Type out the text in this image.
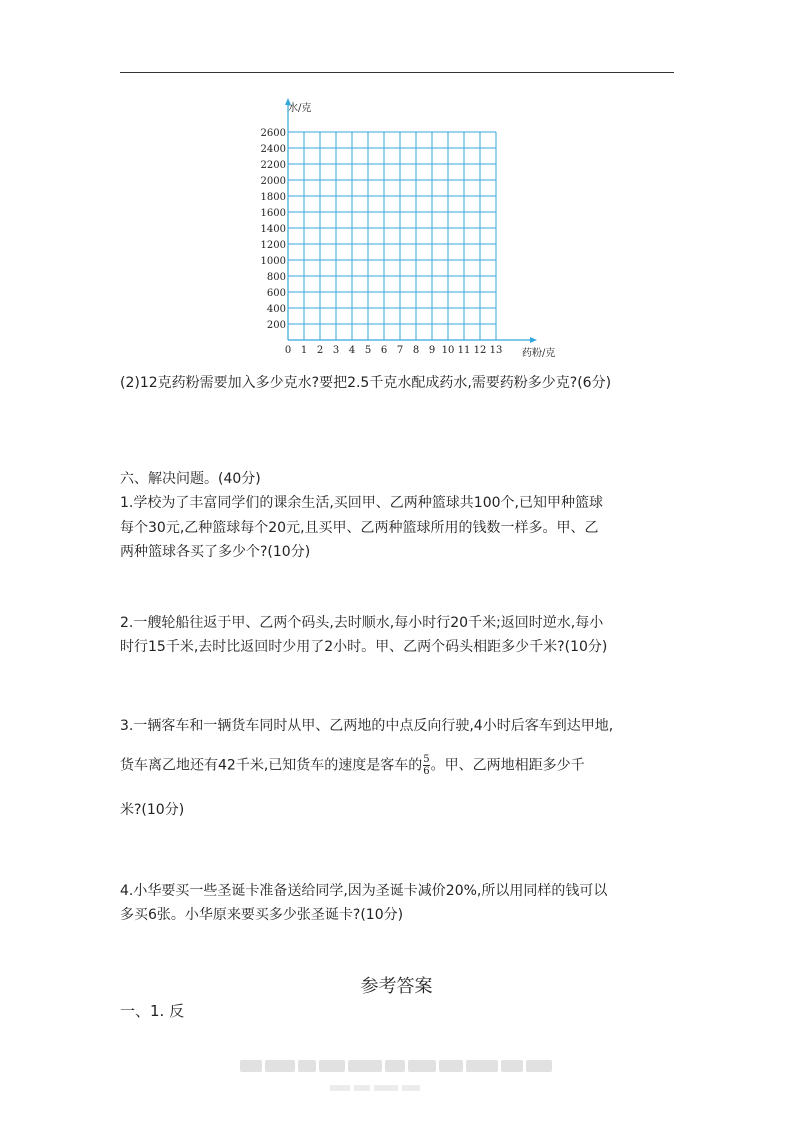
2600
2400
2200
2000
1800
1600
1400
1200
1000
800
600
400
200
0 1 2 3 4 5 6 7 8 9 10 11 12 13
水/克
药粉/克
(2)12克药粉需要加入多少克水?要把2.5千克水配成药水,需要药粉多少克?(6分)
六、解决问题。(40分)
1.学校为了丰富同学们的课余生活,买回甲、乙两种篮球共100个,已知甲种篮球
每个30元,乙种篮球每个20元,且买甲、乙两种篮球所用的钱数一样多。甲、乙
两种篮球各买了多少个?(10分)
2.一艘轮船往返于甲、乙两个码头,去时顺水,每小时行20千米;返回时逆水,每小
时行15千米,去时比返回时少用了2小时。甲、乙两个码头相距多少千米?(10分)
3.一辆客车和一辆货车同时从甲、乙两地的中点反向行驶,4小时后客车到达甲地,
货车离乙地还有42千米,已知货车的速度是客车的 $\frac{5}{6}$ 。甲、乙两地相距多少千
米?(10分)
4.小华要买一些圣诞卡准备送给同学,因为圣诞卡减价20%,所以用同样的钱可以
多买6张。小华原来要买多少张圣诞卡?(10分)
参考答案
一、1. 反
